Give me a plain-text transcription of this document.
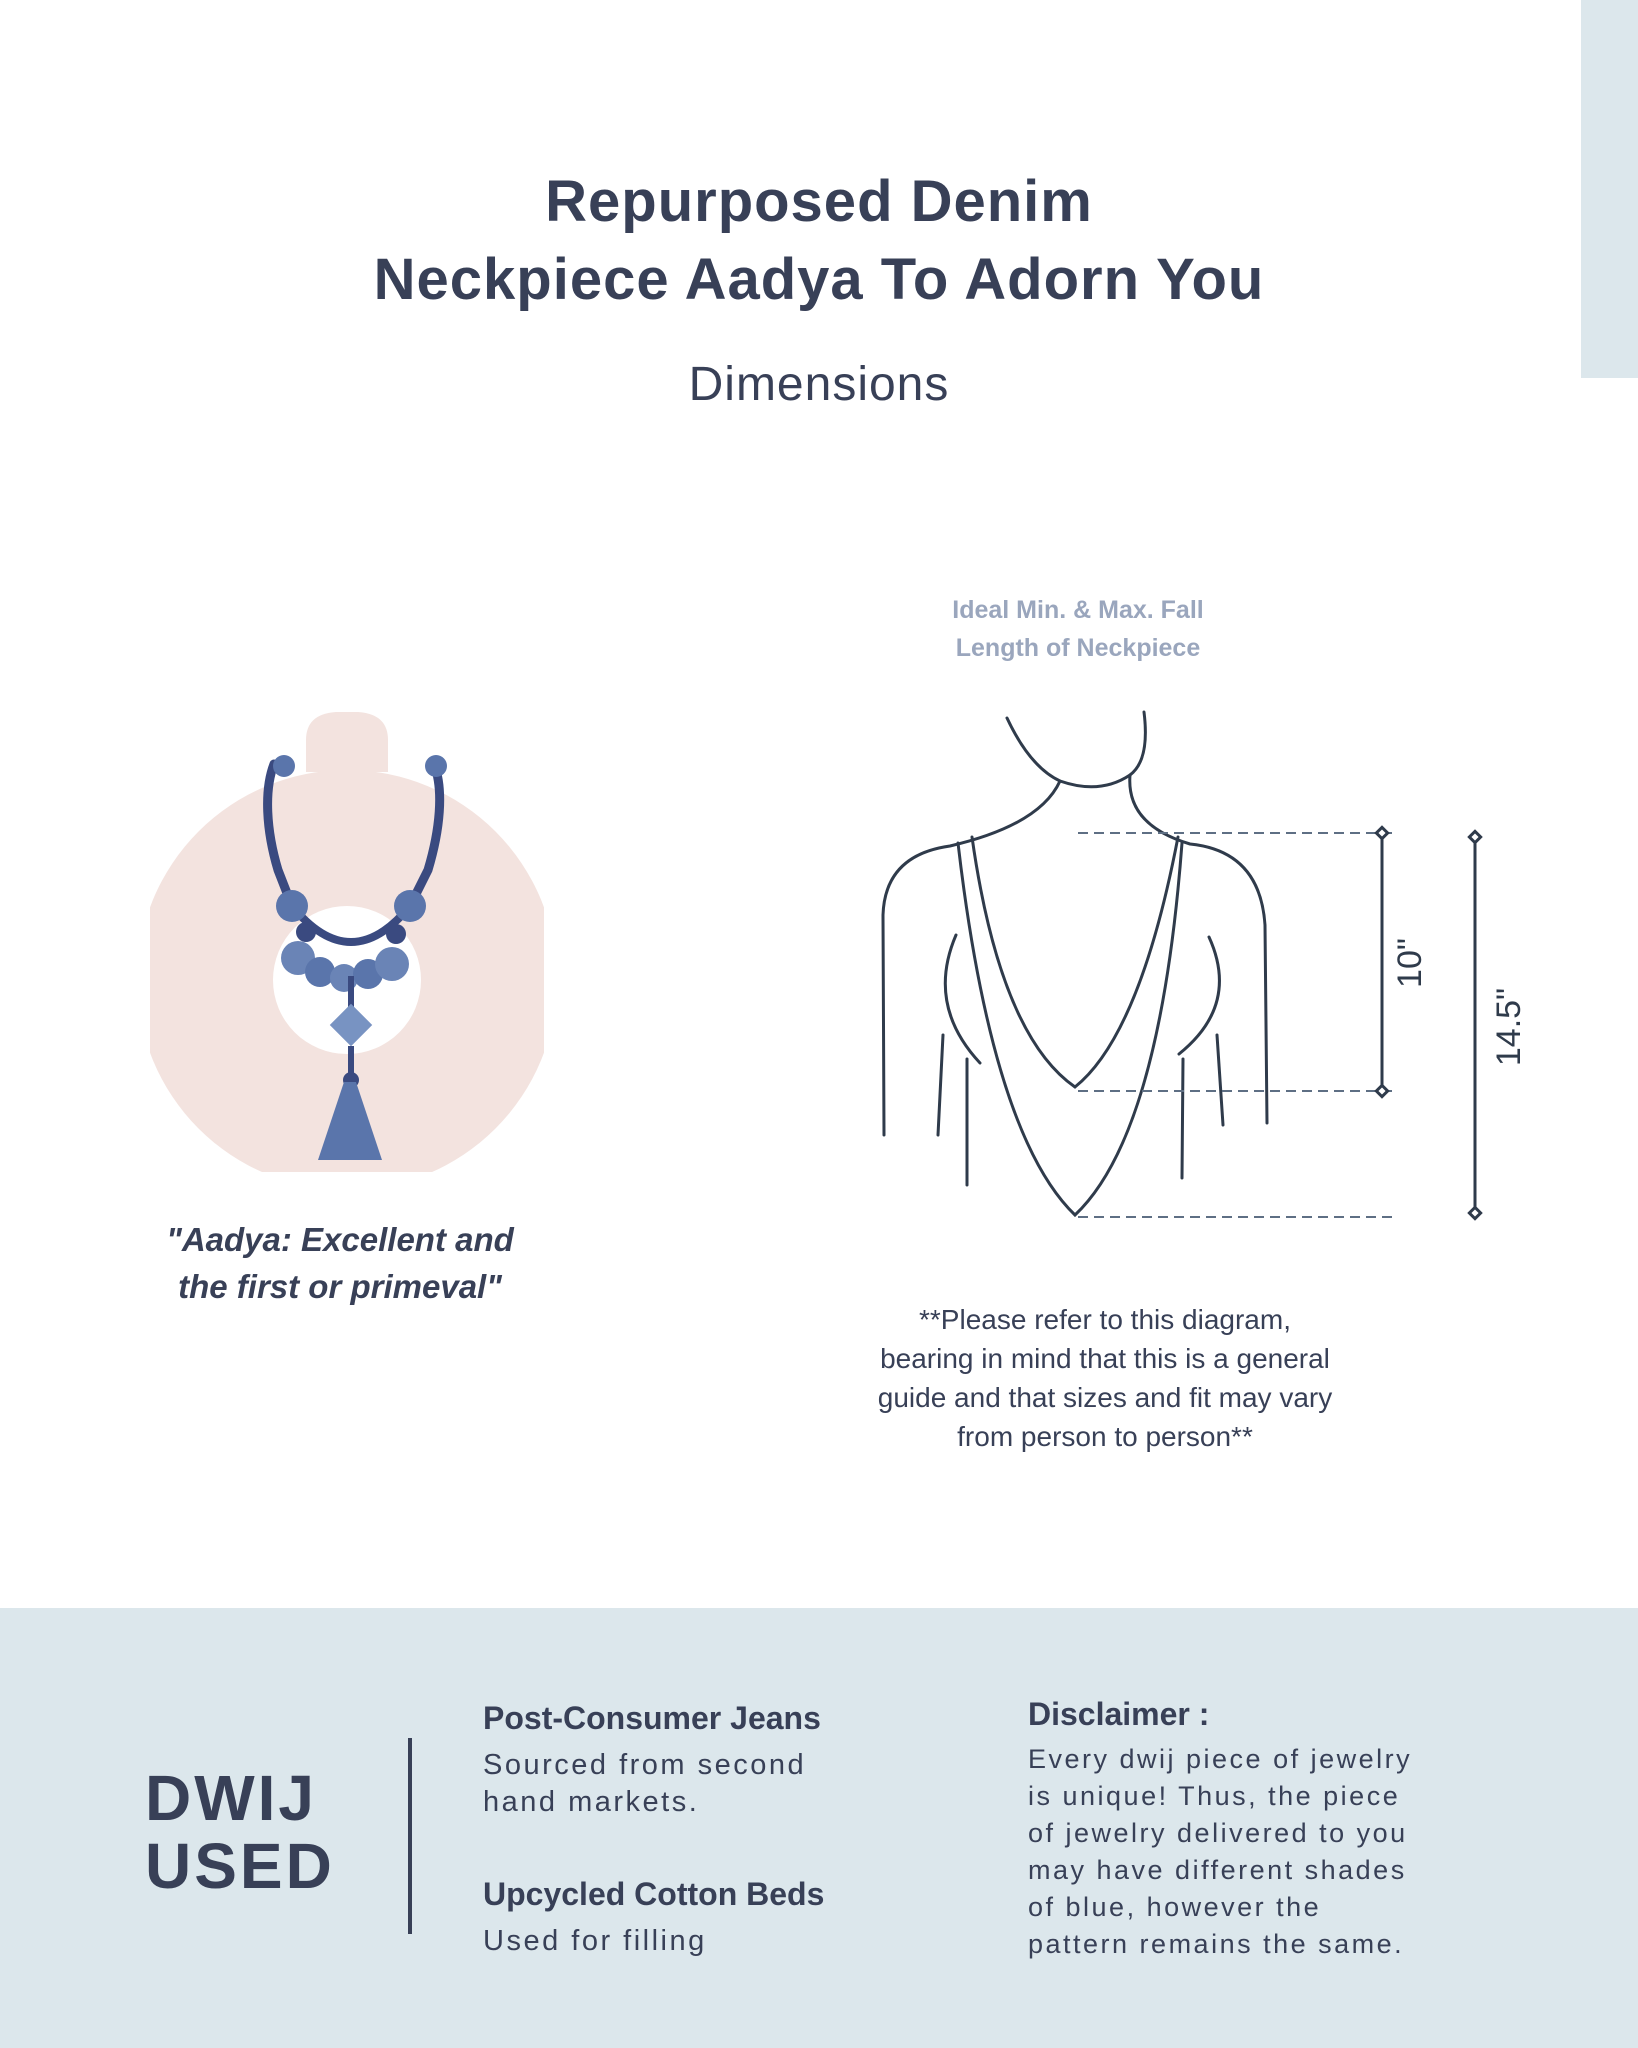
Repurposed Denim
Neckpiece Aadya To Adorn You
Dimensions
Ideal Min. & Max. Fall
Length of Neckpiece
"Aadya: Excellent and
the first or primeval"
10"
14.5"
**Please refer to this diagram,
bearing in mind that this is a general
guide and that sizes and fit may vary
from person to person**
DWIJ
USED
Post-Consumer Jeans
Sourced from second
hand markets.
Upcycled Cotton Beds
Used for filling
Disclaimer :
Every dwij piece of jewelry
is unique! Thus, the piece
of jewelry delivered to you
may have different shades
of blue, however the
pattern remains the same.
